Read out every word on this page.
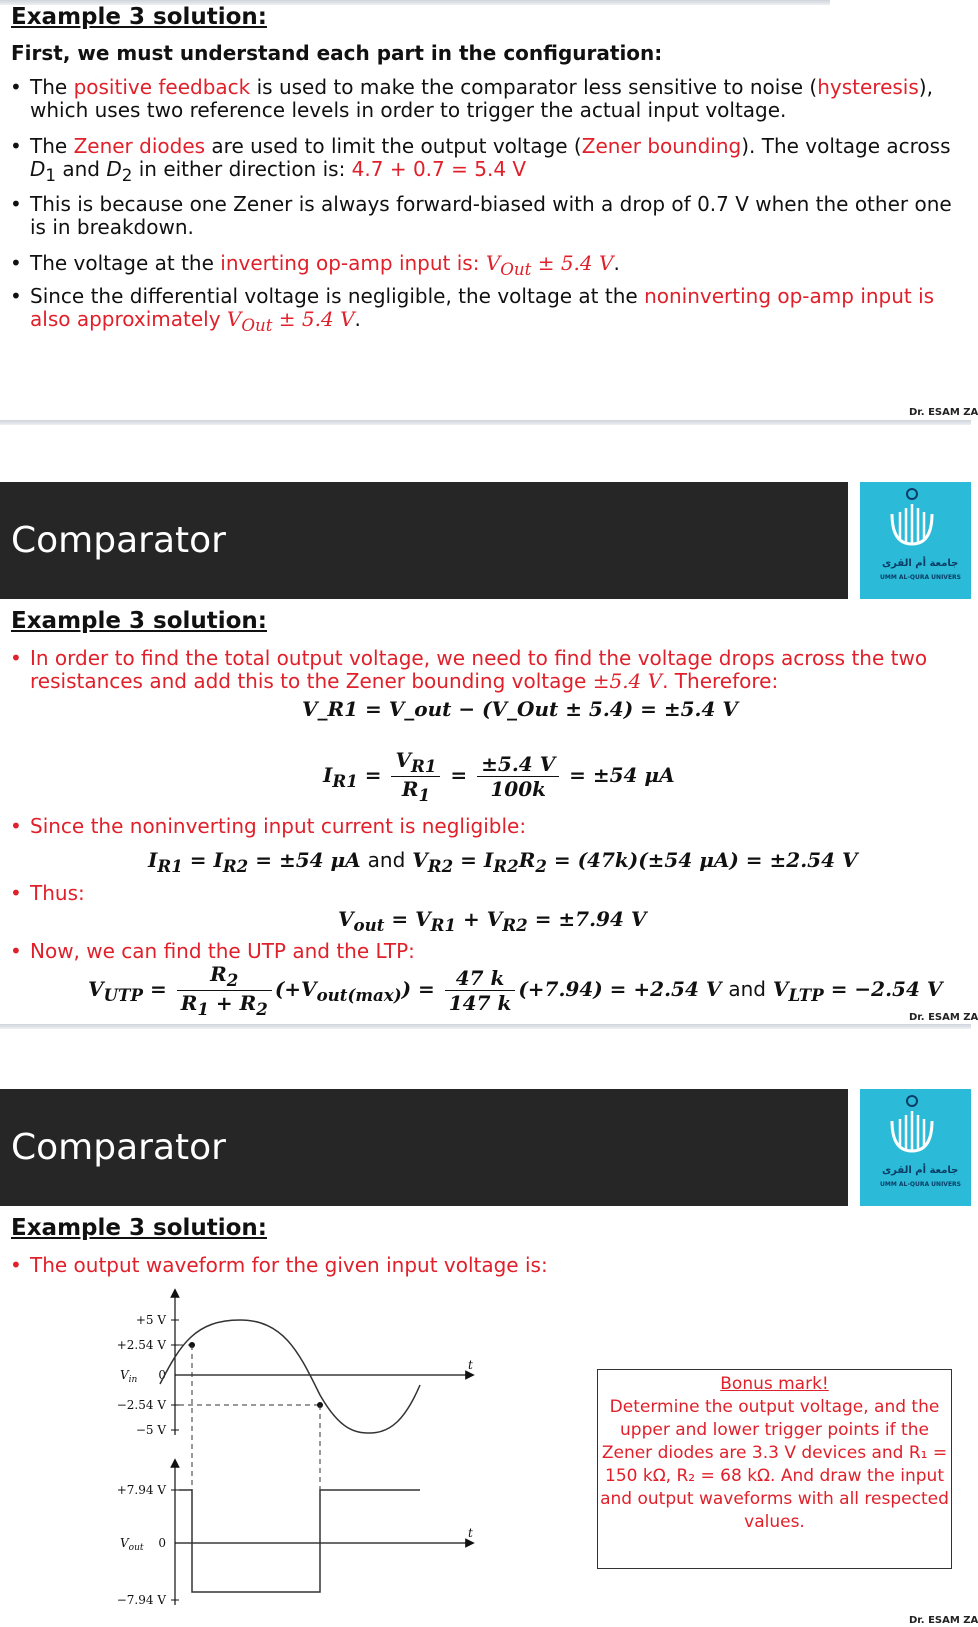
Example 3 solution:
First, we must understand each part in the configuration:
• The positive feedback is used to make the comparator less sensitive to noise (hysteresis), which uses two reference levels in order to trigger the actual input voltage.
• The Zener diodes are used to limit the output voltage (Zener bounding). The voltage across $D_1$ and $D_2$ in either direction is: 4.7 + 0.7 = 5.4 V
• This is because one Zener is always forward-biased with a drop of 0.7 V when the other one is in breakdown.
• The voltage at the inverting op-amp input is: $V_{Out} \pm 5.4$ V.
• Since the differential voltage is negligible, the voltage at the noninverting op-amp input is also approximately $V_{Out} \pm 5.4$ V.
Dr. ESAM ZA
Comparator
جامعة أم القرى
UMM AL-QURA UNIVERS
Example 3 solution:
• In order to find the total output voltage, we need to find the voltage drops across the two resistances and add this to the Zener bounding voltage ±5.4 V. Therefore:
V_R1 = V_out − (V_Out ± 5.4) = ±5.4 V
$I_{R1} = \frac{V_{R1}}{R_1} = \frac{\pm 5.4 V}{100k} = \pm 54$ μA
• Since the noninverting input current is negligible:
$I_{R1} = I_{R2} = \pm 54$ μA and $V_{R2} = I_{R2}R_2 = (47k)(\pm 54$ μA) = ±2.54 V
• Thus:
$V_{out} = V_{R1} + V_{R2} = \pm 7.94$ V
• Now, we can find the UTP and the LTP:
$V_{UTP} = \frac{R_2}{R_1 + R_2} (+V_{out(max)}) = \frac{47 k}{147 k} (+7.94) = +2.54$ V and $V_{LTP} = -2.54$ V
Dr. ESAM ZA
Comparator
جامعة أم القرى
UMM AL-QURA UNIVERS
Example 3 solution:
• The output waveform for the given input voltage is:
+5 V
+2.54 V
0
−2.54 V
−5 V
$V_{in}$
t
+7.94 V
0
−7.94 V
$V_{out}$
t
Bonus mark!
Determine the output voltage, and the upper and lower trigger points if the Zener diodes are 3.3 V devices and R₁ = 150 kΩ, R₂ = 68 kΩ. And draw the input and output waveforms with all respected values.
Dr. ESAM ZA
